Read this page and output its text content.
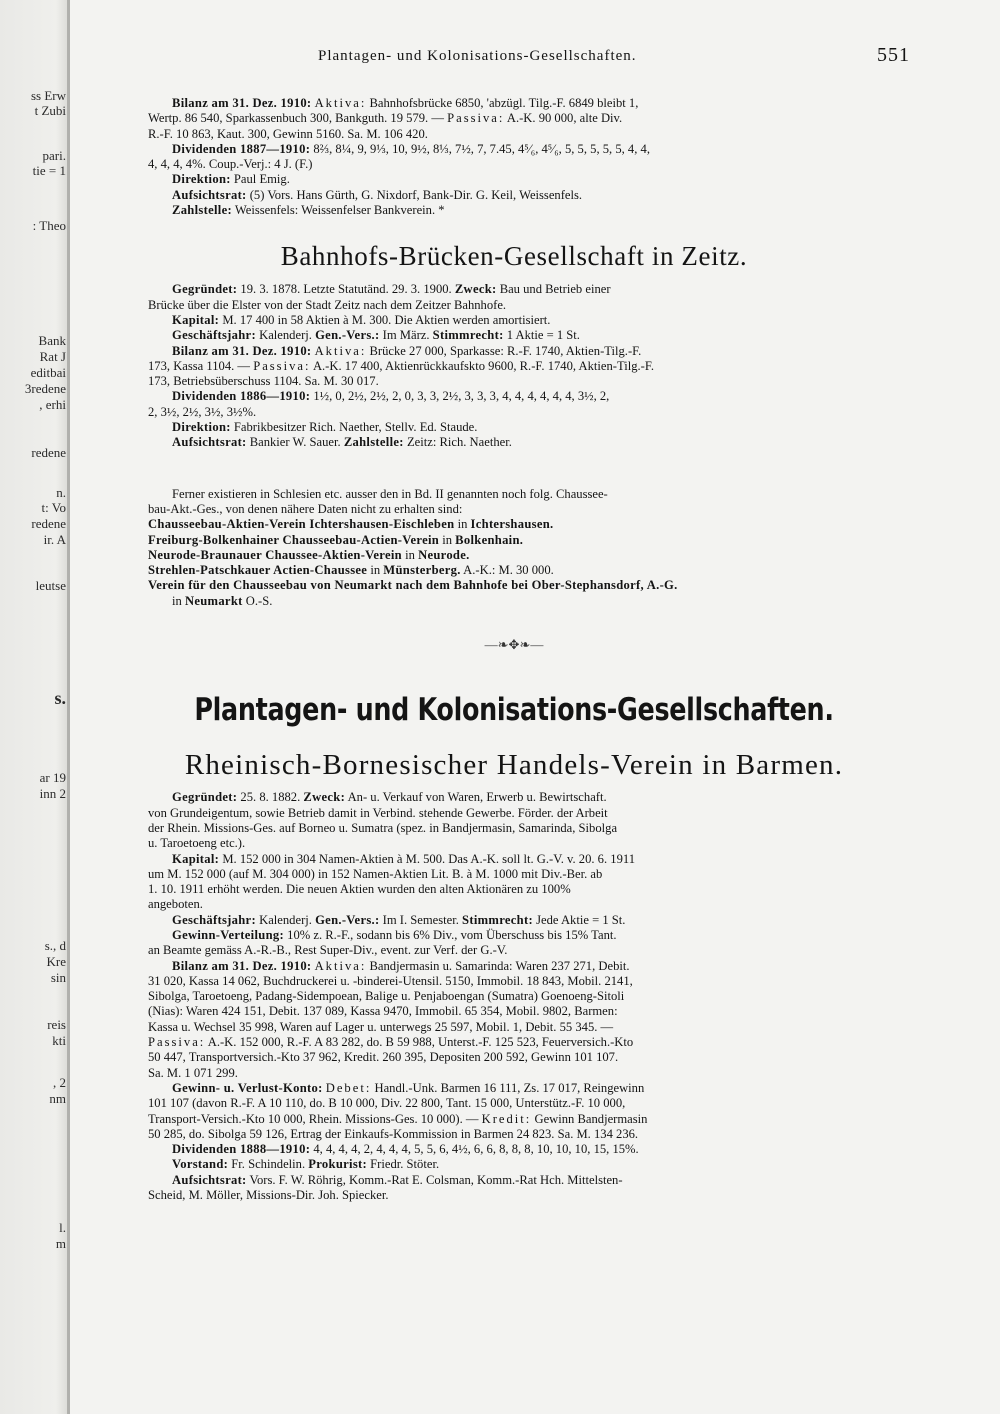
ss Erw
t Zubi
pari.
tie = 1
: Theo
Bank
Rat J
editbai
3redene
, erhi
redene
n.
t: Vo
redene
ir. A
leutse
s.
ar 19
inn 2
s., d
Kre
sin
reis
kti
, 2
nm
l.
m
Plantagen- und Kolonisations-Gesellschaften.	551
Bilanz am 31. Dez. 1910: Aktiva: Bahnhofsbrücke 6850, 'abzügl. Tilg.-F. 6849 bleibt 1,
Wertp. 86 540, Sparkassenbuch 300, Bankguth. 19 579. — Passiva: A.-K. 90 000, alte Div.
R.-F. 10 863, Kaut. 300, Gewinn 5160. Sa. M. 106 420.
Dividenden 1887—1910: 8⅔, 8¼, 9, 9⅓, 10, 9½, 8⅓, 7½, 7, 7.45, 4⁵⁄₆, 4⁵⁄₆, 5, 5, 5, 5, 5, 4, 4,
4, 4, 4, 4%. Coup.-Verj.: 4 J. (F.)
Direktion: Paul Emig.
Aufsichtsrat: (5) Vors. Hans Gürth, G. Nixdorf, Bank-Dir. G. Keil, Weissenfels.
Zahlstelle: Weissenfels: Weissenfelser Bankverein. *
Bahnhofs-Brücken-Gesellschaft in Zeitz.
Gegründet: 19. 3. 1878. Letzte Statutänd. 29. 3. 1900. Zweck: Bau und Betrieb einer
Brücke über die Elster von der Stadt Zeitz nach dem Zeitzer Bahnhofe.
Kapital: M. 17 400 in 58 Aktien à M. 300. Die Aktien werden amortisiert.
Geschäftsjahr: Kalenderj. Gen.-Vers.: Im März. Stimmrecht: 1 Aktie = 1 St.
Bilanz am 31. Dez. 1910: Aktiva: Brücke 27 000, Sparkasse: R.-F. 1740, Aktien-Tilg.-F.
173, Kassa 1104. — Passiva: A.-K. 17 400, Aktienrückkaufskto 9600, R.-F. 1740, Aktien-Tilg.-F.
173, Betriebsüberschuss 1104. Sa. M. 30 017.
Dividenden 1886—1910: 1½, 0, 2½, 2½, 2, 0, 3, 3, 2½, 3, 3, 3, 4, 4, 4, 4, 4, 4, 3½, 2,
2, 3½, 2½, 3½, 3½%.
Direktion: Fabrikbesitzer Rich. Naether, Stellv. Ed. Staude.
Aufsichtsrat: Bankier W. Sauer. Zahlstelle: Zeitz: Rich. Naether.
Ferner existieren in Schlesien etc. ausser den in Bd. II genannten noch folg. Chaussee-
bau-Akt.-Ges., von denen nähere Daten nicht zu erhalten sind:
Chausseebau-Aktien-Verein Ichtershausen-Eischleben in Ichtershausen.
Freiburg-Bolkenhainer Chausseebau-Actien-Verein in Bolkenhain.
Neurode-Braunauer Chaussee-Aktien-Verein in Neurode.
Strehlen-Patschkauer Actien-Chaussee in Münsterberg. A.-K.: M. 30 000.
Verein für den Chausseebau von Neumarkt nach dem Bahnhofe bei Ober-Stephansdorf, A.-G.
in Neumarkt O.-S.
—❧✥❧—
Plantagen- und Kolonisations-Gesellschaften.
Rheinisch-Bornesischer Handels-Verein in Barmen.
Gegründet: 25. 8. 1882. Zweck: An- u. Verkauf von Waren, Erwerb u. Bewirtschaft.
von Grundeigentum, sowie Betrieb damit in Verbind. stehende Gewerbe. Förder. der Arbeit
der Rhein. Missions-Ges. auf Borneo u. Sumatra (spez. in Bandjermasin, Samarinda, Sibolga
u. Taroetoeng etc.).
Kapital: M. 152 000 in 304 Namen-Aktien à M. 500. Das A.-K. soll lt. G.-V. v. 20. 6. 1911
um M. 152 000 (auf M. 304 000) in 152 Namen-Aktien Lit. B. à M. 1000 mit Div.-Ber. ab
1. 10. 1911 erhöht werden. Die neuen Aktien wurden den alten Aktionären zu 100%
angeboten.
Geschäftsjahr: Kalenderj. Gen.-Vers.: Im I. Semester. Stimmrecht: Jede Aktie = 1 St.
Gewinn-Verteilung: 10% z. R.-F., sodann bis 6% Div., vom Überschuss bis 15% Tant.
an Beamte gemäss A.-R.-B., Rest Super-Div., event. zur Verf. der G.-V.
Bilanz am 31. Dez. 1910: Aktiva: Bandjermasin u. Samarinda: Waren 237 271, Debit.
31 020, Kassa 14 062, Buchdruckerei u. -binderei-Utensil. 5150, Immobil. 18 843, Mobil. 2141,
Sibolga, Taroetoeng, Padang-Sidempoean, Balige u. Penjaboengan (Sumatra) Goenoeng-Sitoli
(Nias): Waren 424 151, Debit. 137 089, Kassa 9470, Immobil. 65 354, Mobil. 9802, Barmen:
Kassa u. Wechsel 35 998, Waren auf Lager u. unterwegs 25 597, Mobil. 1, Debit. 55 345. —
Passiva: A.-K. 152 000, R.-F. A 83 282, do. B 59 988, Unterst.-F. 125 523, Feuerversich.-Kto
50 447, Transportversich.-Kto 37 962, Kredit. 260 395, Depositen 200 592, Gewinn 101 107.
Sa. M. 1 071 299.
Gewinn- u. Verlust-Konto: Debet: Handl.-Unk. Barmen 16 111, Zs. 17 017, Reingewinn
101 107 (davon R.-F. A 10 110, do. B 10 000, Div. 22 800, Tant. 15 000, Unterstütz.-F. 10 000,
Transport-Versich.-Kto 10 000, Rhein. Missions-Ges. 10 000). — Kredit: Gewinn Bandjermasin
50 285, do. Sibolga 59 126, Ertrag der Einkaufs-Kommission in Barmen 24 823. Sa. M. 134 236.
Dividenden 1888—1910: 4, 4, 4, 4, 2, 4, 4, 4, 5, 5, 6, 4½, 6, 6, 8, 8, 8, 10, 10, 10, 15, 15%.
Vorstand: Fr. Schindelin. Prokurist: Friedr. Stöter.
Aufsichtsrat: Vors. F. W. Röhrig, Komm.-Rat E. Colsman, Komm.-Rat Hch. Mittelsten-
Scheid, M. Möller, Missions-Dir. Joh. Spiecker.
